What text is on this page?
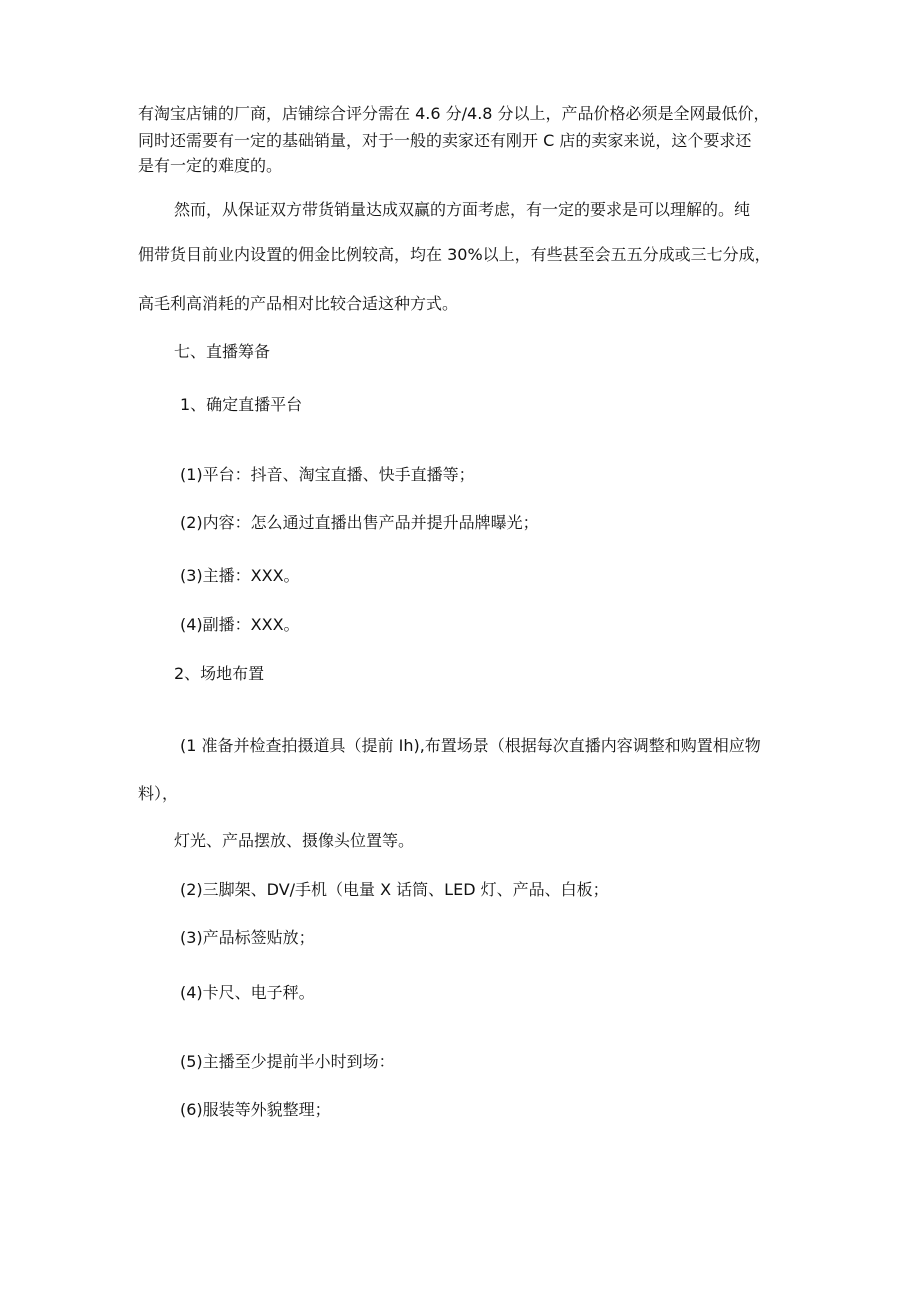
有淘宝店铺的厂商，店铺综合评分需在 4.6 分/4.8 分以上，产品价格必须是全网最低价，
同时还需要有一定的基础销量，对于一般的卖家还有刚开 C 店的卖家来说，这个要求还
是有一定的难度的。
然而，从保证双方带货销量达成双赢的方面考虑，有一定的要求是可以理解的。纯
佣带货目前业内设置的佣金比例较高，均在 30%以上，有些甚至会五五分成或三七分成，
高毛利高消耗的产品相对比较合适这种方式。
七、直播筹备
1、确定直播平台
(1)平台：抖音、淘宝直播、快手直播等；
(2)内容：怎么通过直播出售产品并提升品牌曝光；
(3)主播：XXX。
(4)副播：XXX。
2、场地布置
(1 准备并检查拍摄道具（提前 Ih),布置场景（根据每次直播内容调整和购置相应物
料），
灯光、产品摆放、摄像头位置等。
(2)三脚架、DV/手机（电量 X 话筒、LED 灯、产品、白板；
(3)产品标签贴放；
(4)卡尺、电子秤。
(5)主播至少提前半小时到场：
(6)服装等外貌整理；
